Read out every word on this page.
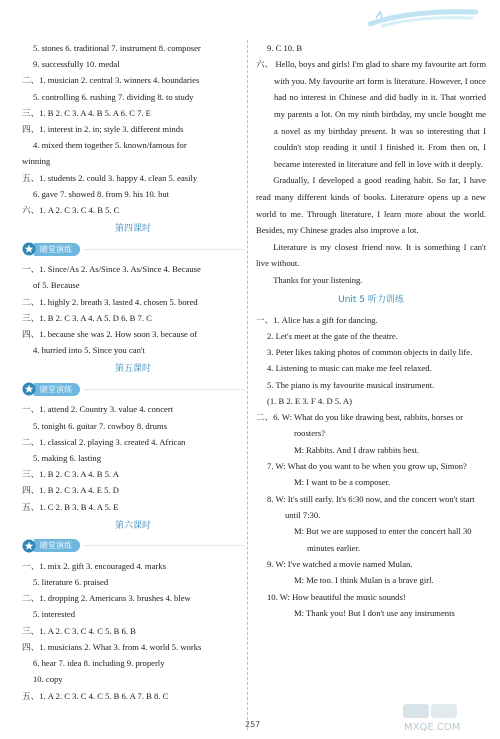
5. stones 6. traditional 7. instrument 8. composer
9. successfully 10. medal
二、1. musician 2. central 3. winners 4. boundaries
5. controlling 6. rushing 7. dividing 8. to study
三、1. B 2. C 3. A 4. B 5. A 6. C 7. E
四、1. interest in 2. in; style 3. different minds
4. mixed them together 5. known/famous for
winning
五、1. students 2. could 3. happy 4. clean 5. easily
6. gave 7. showed 8. from 9. his 10. but
六、1. A 2. C 3. C 4. B 5. C
第四课时
随堂演练
一、1. Since/As 2. As/Since 3. As/Since 4. Because
of 5. Because
二、1. highly 2. breath 3. lasted 4. chosen 5. bored
三、1. B 2. C 3. A 4. A 5. D 6. B 7. C
四、1. because she was 2. How soon 3. because of
4. hurried into 5. Since you can't
第五课时
随堂演练
一、1. attend 2. Country 3. value 4. concert
5. tonight 6. guitar 7. cowboy 8. drums
二、1. classical 2. playing 3. created 4. African
5. making 6. lasting
三、1. B 2. C 3. A 4. B 5. A
四、1. B 2. C 3. A 4. E 5. D
五、1. C 2. B 3. B 4. A 5. E
第六课时
随堂演练
一、1. mix 2. gift 3. encouraged 4. marks
5. literature 6. praised
二、1. dropping 2. Americans 3. brushes 4. blew
5. interested
三、1. A 2. C 3. C 4. C 5. B 6. B
四、1. musicians 2. What 3. from 4. world 5. works
6. hear 7. idea 8. including 9. properly
10. copy
五、1. A 2. C 3. C 4. C 5. B 6. A 7. B 8. C
9. C 10. B
六、 Hello, boys and girls! I'm glad to share my favourite art form with you. My favourite art form is literature. However, I once had no interest in Chinese and did badly in it. That worried my parents a lot. On my ninth birthday, my uncle bought me a novel as my birthday present. It was so interesting that I couldn't stop reading it until I finished it. From then on, I became interested in literature and fell in love with it deeply.
Gradually, I developed a good reading habit. So far, I have read many different kinds of books. Literature opens up a new world to me. Through literature, I learn more about the world. Besides, my Chinese grades also improve a lot.
Literature is my closest friend now. It is something I can't live without.
Thanks for your listening.
Unit 5 听力训练
一、1. Alice has a gift for dancing.
2. Let's meet at the gate of the theatre.
3. Peter likes taking photos of common objects in daily life.
4. Listening to music can make me feel relaxed.
5. The piano is my favourite musical instrument.
(1. B 2. E 3. F 4. D 5. A)
二、6. W: What do you like drawing best, rabbits, horses or roosters?
M: Rabbits. And I draw rabbits best.
7. W: What do you want to be when you grow up, Simon?
M: I want to be a composer.
8. W: It's still early. It's 6:30 now, and the concert won't start until 7:30.
M: But we are supposed to enter the concert hall 30 minutes earlier.
9. W: I've watched a movie named Mulan.
M: Me too. I think Mulan is a brave girl.
10. W: How beautiful the music sounds!
M: Thank you! But I don't use any instruments
257	MXQE.COM
